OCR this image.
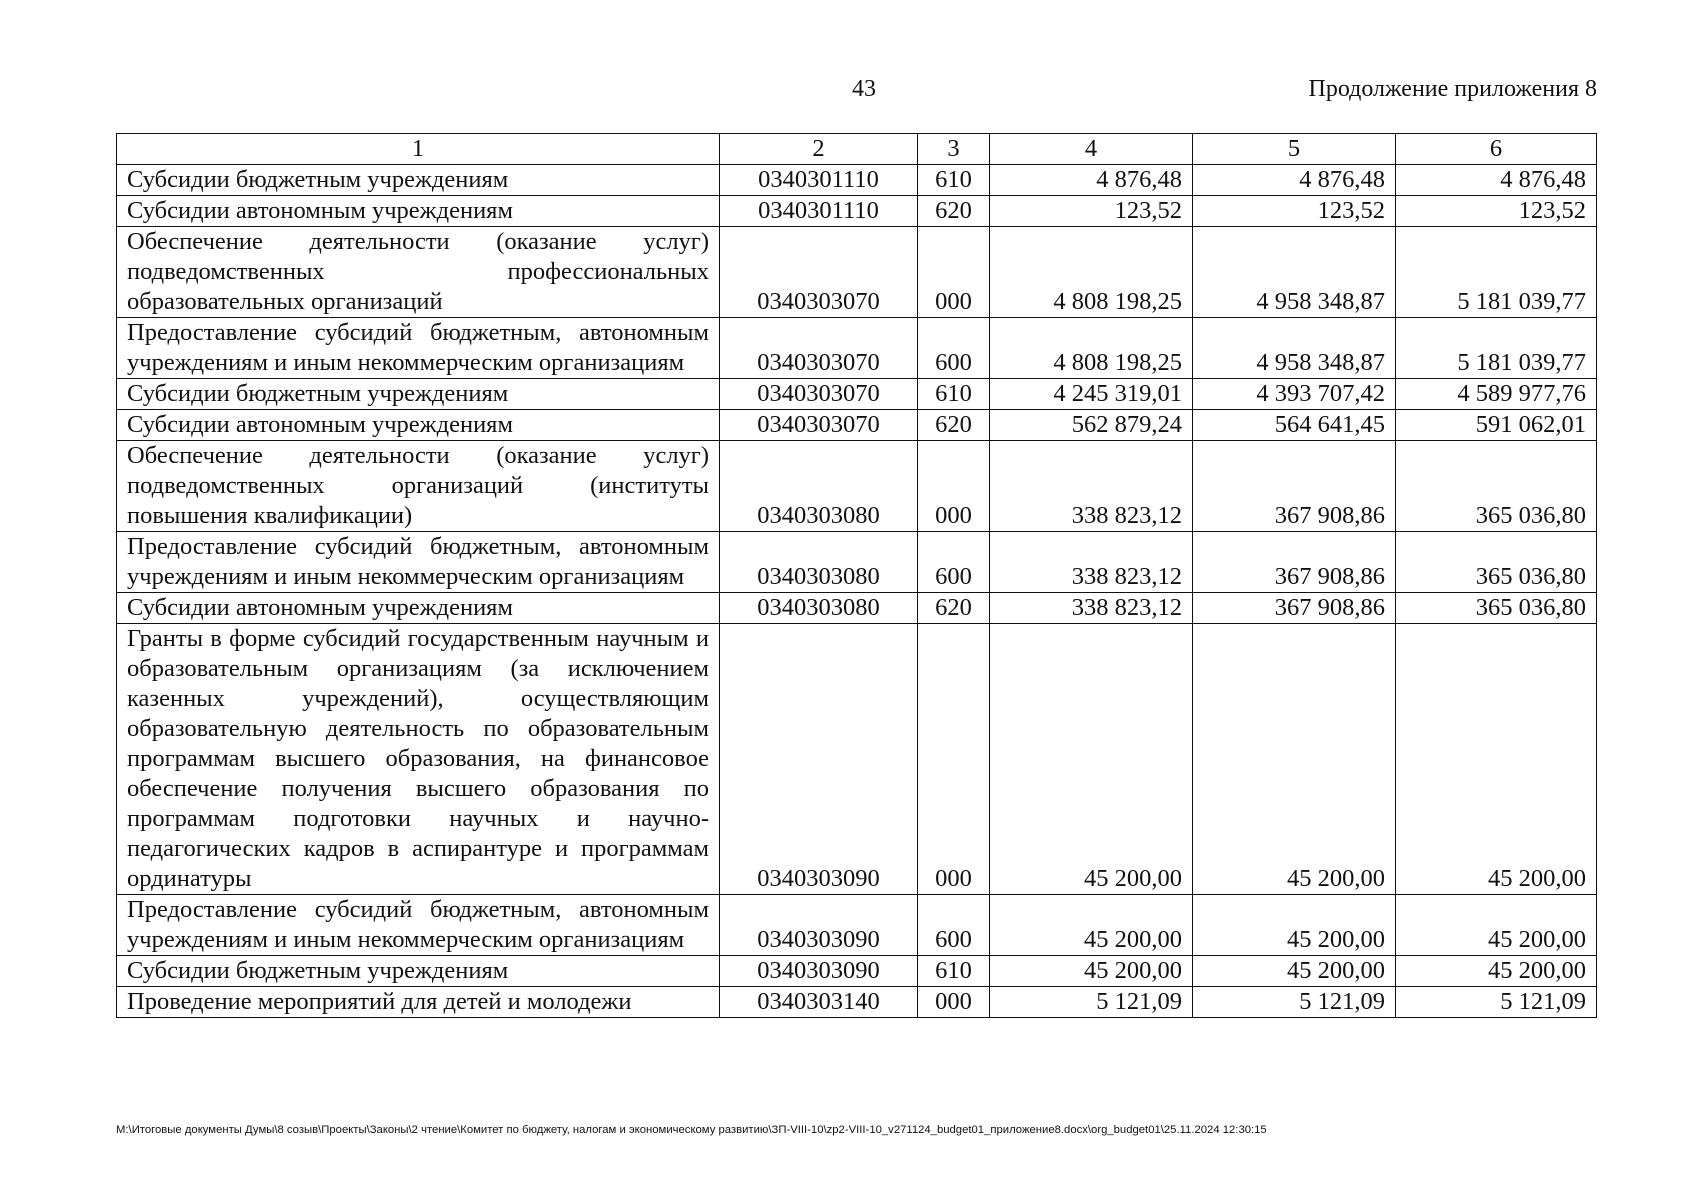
43	Продолжение приложения 8
1	2	3	4	5	6
Субсидии бюджетным учреждениям	0340301110	610	4 876,48	4 876,48	4 876,48
Субсидии автономным учреждениям	0340301110	620	123,52	123,52	123,52
Обеспечение деятельности (оказание услуг) подведомственных профессиональных образовательных организаций	0340303070	000	4 808 198,25	4 958 348,87	5 181 039,77
Предоставление субсидий бюджетным, автономным учреждениям и иным некоммерческим организациям	0340303070	600	4 808 198,25	4 958 348,87	5 181 039,77
Субсидии бюджетным учреждениям	0340303070	610	4 245 319,01	4 393 707,42	4 589 977,76
Субсидии автономным учреждениям	0340303070	620	562 879,24	564 641,45	591 062,01
Обеспечение деятельности (оказание услуг) подведомственных организаций (институты повышения квалификации)	0340303080	000	338 823,12	367 908,86	365 036,80
Предоставление субсидий бюджетным, автономным учреждениям и иным некоммерческим организациям	0340303080	600	338 823,12	367 908,86	365 036,80
Субсидии автономным учреждениям	0340303080	620	338 823,12	367 908,86	365 036,80
Гранты в форме субсидий государственным научным и образовательным организациям (за исключением казенных учреждений), осуществляющим образовательную деятельность по образовательным программам высшего образования, на финансовое обеспечение получения высшего образования по программам подготовки научных и научно-педагогических кадров в аспирантуре и программам ординатуры	0340303090	000	45 200,00	45 200,00	45 200,00
Предоставление субсидий бюджетным, автономным учреждениям и иным некоммерческим организациям	0340303090	600	45 200,00	45 200,00	45 200,00
Субсидии бюджетным учреждениям	0340303090	610	45 200,00	45 200,00	45 200,00
Проведение мероприятий для детей и молодежи	0340303140	000	5 121,09	5 121,09	5 121,09
M:\Итоговые документы Думы\8 созыв\Проекты\Законы\2 чтение\Комитет по бюджету, налогам и экономическому развитию\ЗП-VIII-10\zp2-VIII-10_v271124_budget01_приложение8.docx\org_budget01\25.11.2024 12:30:15
